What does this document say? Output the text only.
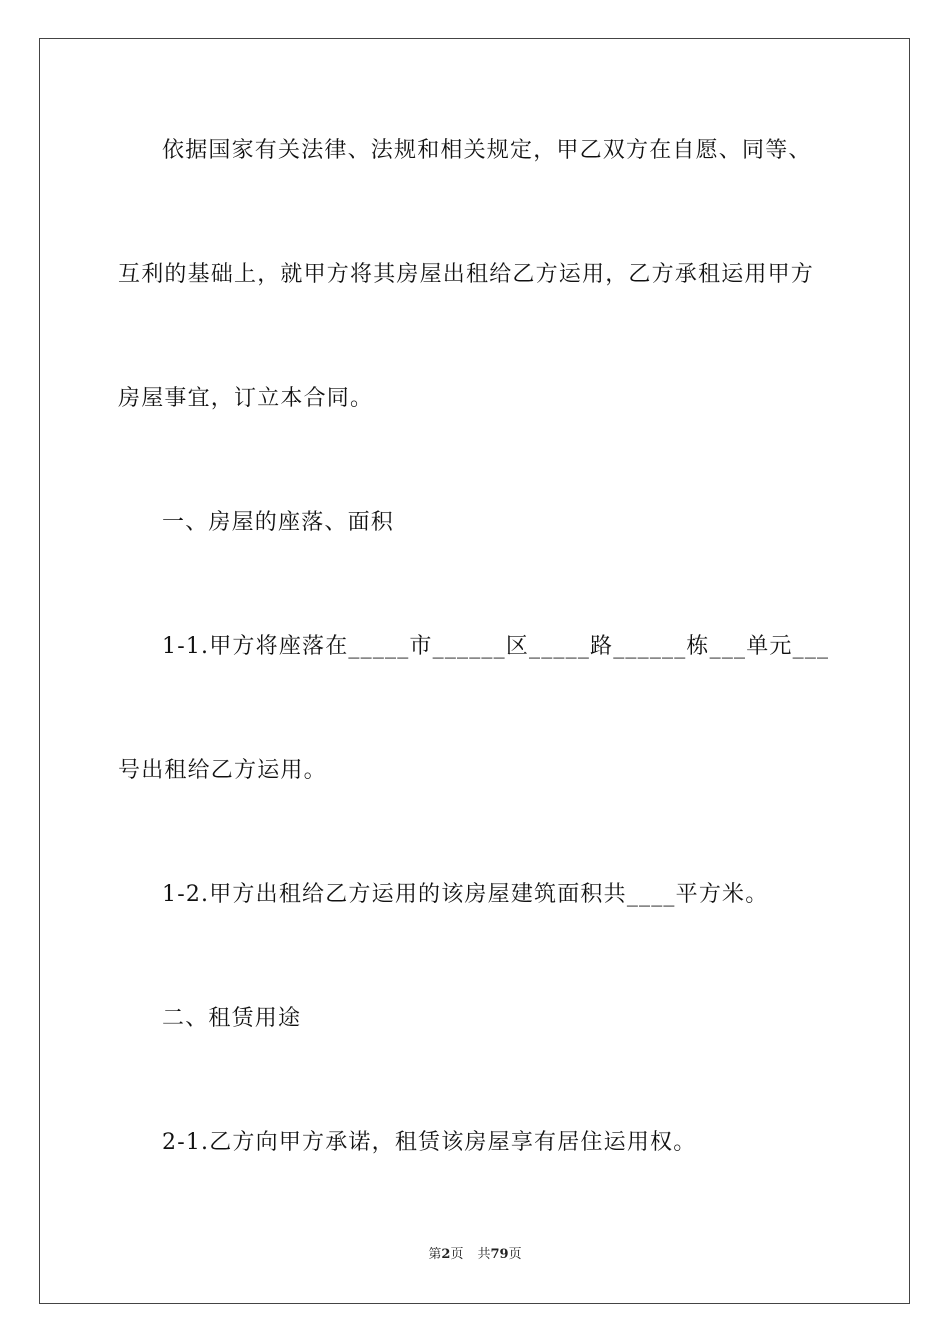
依据国家有关法律、法规和相关规定，甲乙双方在自愿、同等、
互利的基础上，就甲方将其房屋出租给乙方运用，乙方承租运用甲方
房屋事宜，订立本合同。
一、房屋的座落、面积
1-1.甲方将座落在_____市______区_____路______栋___单元___
号出租给乙方运用。
1-2.甲方出租给乙方运用的该房屋建筑面积共____平方米。
二、租赁用途
2-1.乙方向甲方承诺，租赁该房屋享有居住运用权。
第2页 共79页
